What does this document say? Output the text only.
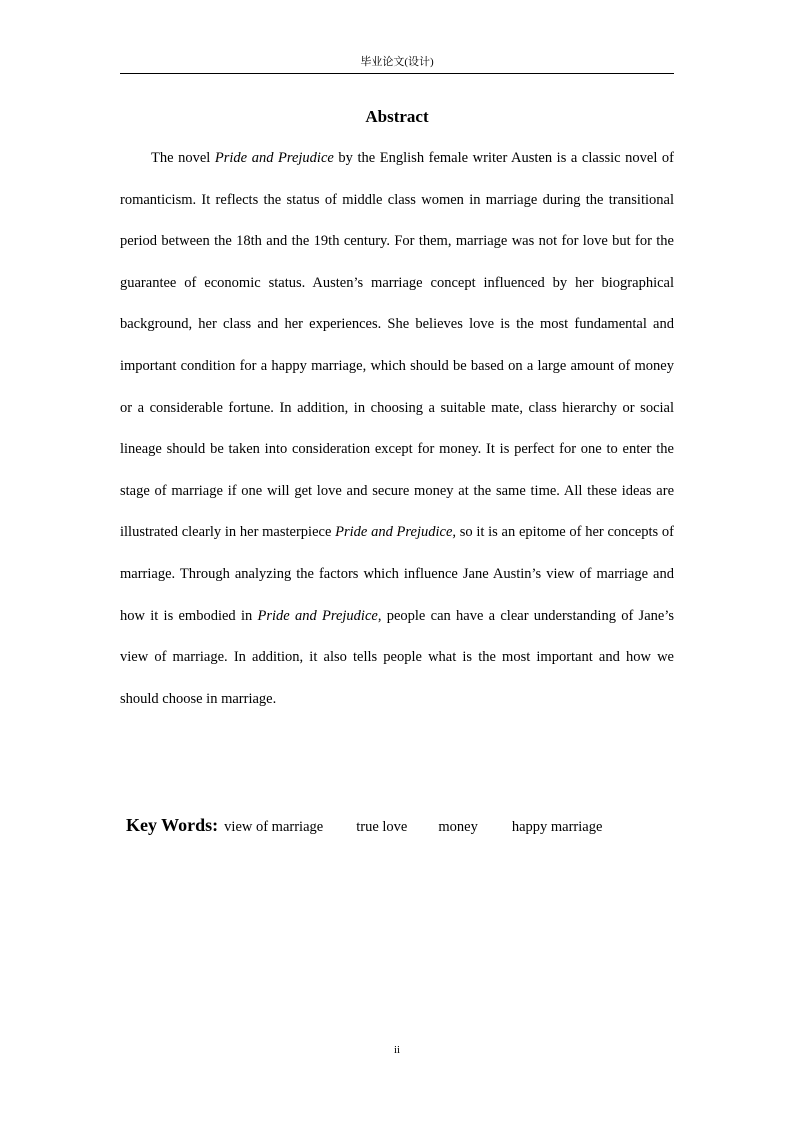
毕业论文(设计)
Abstract

The novel Pride and Prejudice by the English female writer Austen is a classic novel of romanticism. It reflects the status of middle class women in marriage during the transitional period between the 18th and the 19th century. For them, marriage was not for love but for the guarantee of economic status. Austen’s marriage concept influenced by her biographical background, her class and her experiences. She believes love is the most fundamental and important condition for a happy marriage, which should be based on a large amount of money or a considerable fortune. In addition, in choosing a suitable mate, class hierarchy or social lineage should be taken into consideration except for money. It is perfect for one to enter the stage of marriage if one will get love and secure money at the same time. All these ideas are illustrated clearly in her masterpiece Pride and Prejudice, so it is an epitome of her concepts of marriage. Through analyzing the factors which influence Jane Austin’s view of marriage and how it is embodied in Pride and Prejudice, people can have a clear understanding of Jane’s view of marriage. In addition, it also tells people what is the most important and how we should choose in marriage.

Key Words: view of marriage true love money happy marriage
ii
